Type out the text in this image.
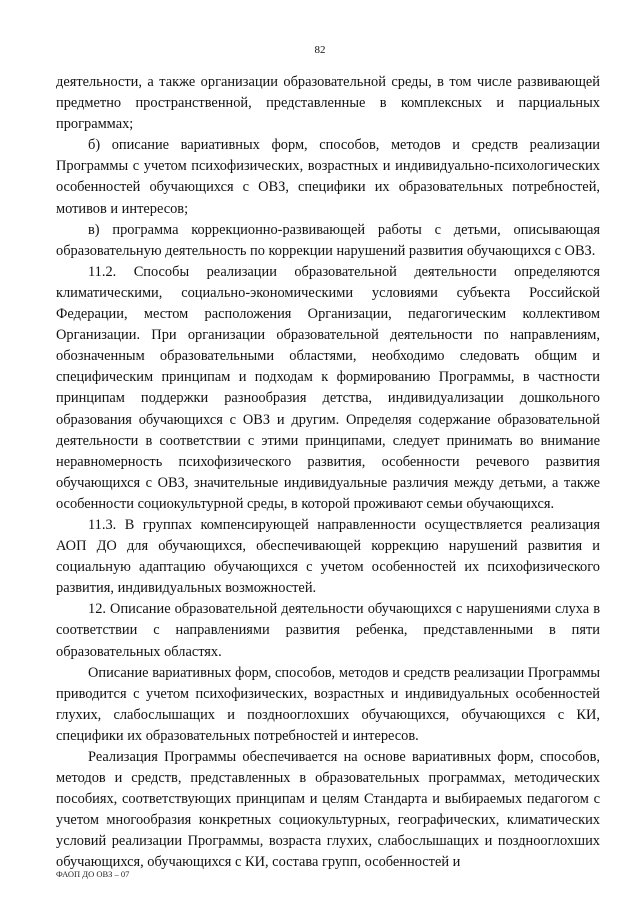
82

деятельности, а также организации образовательной среды, в том числе развивающей предметно пространственной, представленные в комплексных и парциальных программах;

б) описание вариативных форм, способов, методов и средств реализации Программы с учетом психофизических, возрастных и индивидуально-психологических особенностей обучающихся с ОВЗ, специфики их образовательных потребностей, мотивов и интересов;

в) программа коррекционно-развивающей работы с детьми, описывающая образовательную деятельность по коррекции нарушений развития обучающихся с ОВЗ.

11.2. Способы реализации образовательной деятельности определяются климатическими, социально-экономическими условиями субъекта Российской Федерации, местом расположения Организации, педагогическим коллективом Организации. При организации образовательной деятельности по направлениям, обозначенным образовательными областями, необходимо следовать общим и специфическим принципам и подходам к формированию Программы, в частности принципам поддержки разнообразия детства, индивидуализации дошкольного образования обучающихся с ОВЗ и другим. Определяя содержание образовательной деятельности в соответствии с этими принципами, следует принимать во внимание неравномерность психофизического развития, особенности речевого развития обучающихся с ОВЗ, значительные индивидуальные различия между детьми, а также особенности социокультурной среды, в которой проживают семьи обучающихся.

11.3. В группах компенсирующей направленности осуществляется реализация АОП ДО для обучающихся, обеспечивающей коррекцию нарушений развития и социальную адаптацию обучающихся с учетом особенностей их психофизического развития, индивидуальных возможностей.

12. Описание образовательной деятельности обучающихся с нарушениями слуха в соответствии с направлениями развития ребенка, представленными в пяти образовательных областях.

Описание вариативных форм, способов, методов и средств реализации Программы приводится с учетом психофизических, возрастных и индивидуальных особенностей глухих, слабослышащих и позднооглохших обучающихся, обучающихся с КИ, специфики их образовательных потребностей и интересов.

Реализация Программы обеспечивается на основе вариативных форм, способов, методов и средств, представленных в образовательных программах, методических пособиях, соответствующих принципам и целям Стандарта и выбираемых педагогом с учетом многообразия конкретных социокультурных, географических, климатических условий реализации Программы, возраста глухих, слабослышащих и позднооглохших обучающихся, обучающихся с КИ, состава групп, особенностей и

ФАОП ДО ОВЗ – 07
